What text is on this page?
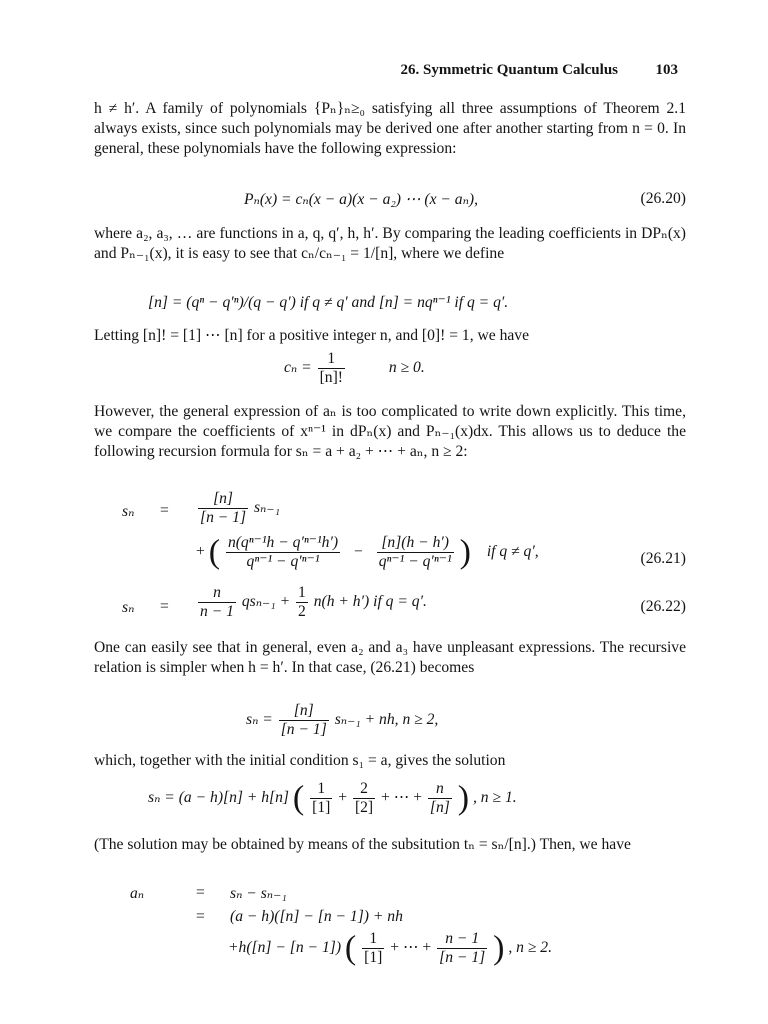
26. Symmetric Quantum Calculus	103
h ≠ h′. A family of polynomials {Pₙ}ₙ≥₀ satisfying all three assumptions of Theorem 2.1 always exists, since such polynomials may be derived one after another starting from n = 0. In general, these polynomials have the following expression:
Pₙ(x) = cₙ(x − a)(x − a₂) ⋯ (x − aₙ),	(26.20)
where a₂, a₃, … are functions in a, q, q′, h, h′. By comparing the leading coefficients in DPₙ(x) and Pₙ₋₁(x), it is easy to see that cₙ/cₙ₋₁ = 1/[n], where we define
[n] = (qⁿ − q′ⁿ)/(q − q′) if q ≠ q′ and [n] = nqⁿ⁻¹ if q = q′.
Letting [n]! = [1] ⋯ [n] for a positive integer n, and [0]! = 1, we have
$c_n = \frac{1}{[n]!}$	n ≥ 0.
However, the general expression of aₙ is too complicated to write down explicitly. This time, we compare the coefficients of xⁿ⁻¹ in dPₙ(x) and Pₙ₋₁(x)dx. This allows us to deduce the following recursion formula for sₙ = a + a₂ + ⋯ + aₙ, n ≥ 2:
$s_n = \frac{[n]}{[n - 1]} s_{n-1}$
+ ( $\frac{\text{n(qⁿ⁻¹h − q′ⁿ⁻¹h′)}}{\text{qⁿ⁻¹ − q′ⁿ⁻¹}} - \frac{[n](h - h')}{\text{qⁿ⁻¹ − q′ⁿ⁻¹}}$ ) if q ≠ q′,	(26.21)
$s_n = \frac{n}{n - 1} qs_{n-1} + \frac{1}{2} n(h + h')$ if q = q′.	(26.22)
One can easily see that in general, even a₂ and a₃ have unpleasant expressions. The recursive relation is simpler when h = h′. In that case, (26.21) becomes
$s_n = \frac{[n]}{[n - 1]} s_{n-1}$ + nh, n ≥ 2,
which, together with the initial condition s₁ = a, gives the solution
sₙ = (a − h)[n] + h[n] ( $\frac{1}{[1]} + \frac{2}{[2]}$ + ⋯ + $\frac{n}{[n]}$ ) , n ≥ 1.
(The solution may be obtained by means of the subsitution tₙ = sₙ/[n].) Then, we have
aₙ	= sₙ − sₙ₋₁
= (a − h)([n] − [n − 1]) + nh
+h([n] − [n − 1]) ( $\frac{1}{[1]}$ + ⋯ + $\frac{n - 1}{[n - 1]}$ ) , n ≥ 2.
